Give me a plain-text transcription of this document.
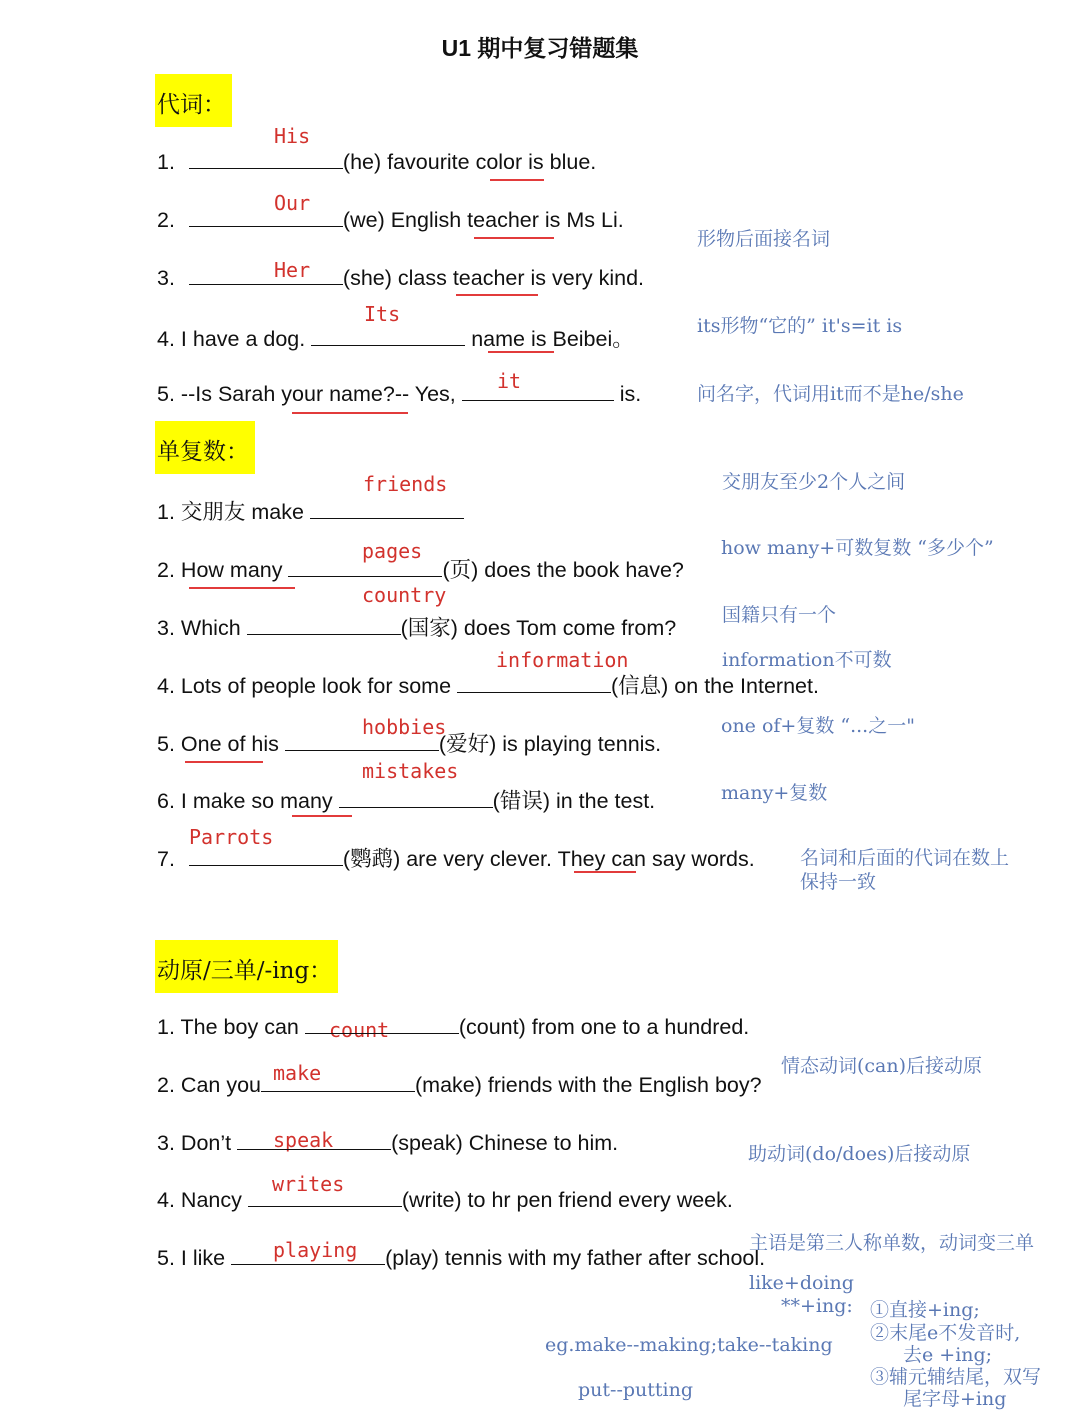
U1 期中复习错题集
代词：
His
1.	(he) favourite color is blue.
Our
2.	(we) English teacher is Ms Li.
Her
3.	(she) class teacher is very kind.
Its
4. I have a dog.	name is Beibei。
it
5. --Is Sarah your name?-- Yes,	is.
形物后面接名词
its形物“它的” it's=it is
问名字，代词用it而不是he/she
单复数：
friends
1. 交朋友 make
pages
2. How many	(页) does the book have?
country
3. Which	(国家) does Tom come from?
information
4. Lots of people look for some	(信息) on the Internet.
hobbies
5. One of his	(爱好) is playing tennis.
mistakes
6. I make so many	(错误) in the test.
Parrots
7.	(鹦鹉) are very clever. They can say words.
交朋友至少2个人之间
how many+可数复数 “多少个”
国籍只有一个
information不可数
one of+复数 “...之一"
many+复数
名词和后面的代词在数上
保持一致
动原/三单/-ing：
count
1. The boy can	(count) from one to a hundred.
make
2. Can you	(make) friends with the English boy?
speak
3. Don’t	(speak) Chinese to him.
writes
4. Nancy	(write) to hr pen friend every week.
playing
5. I like	(play) tennis with my father after school.
情态动词(can)后接动原
助动词(do/does)后接动原
主语是第三人称单数，动词变三单
like+doing
**+ing: ①直接+ing;
②末尾e不发音时,
去e +ing;
③辅元辅结尾，双写
尾字母+ing
eg.make--making;take--taking
put--putting
